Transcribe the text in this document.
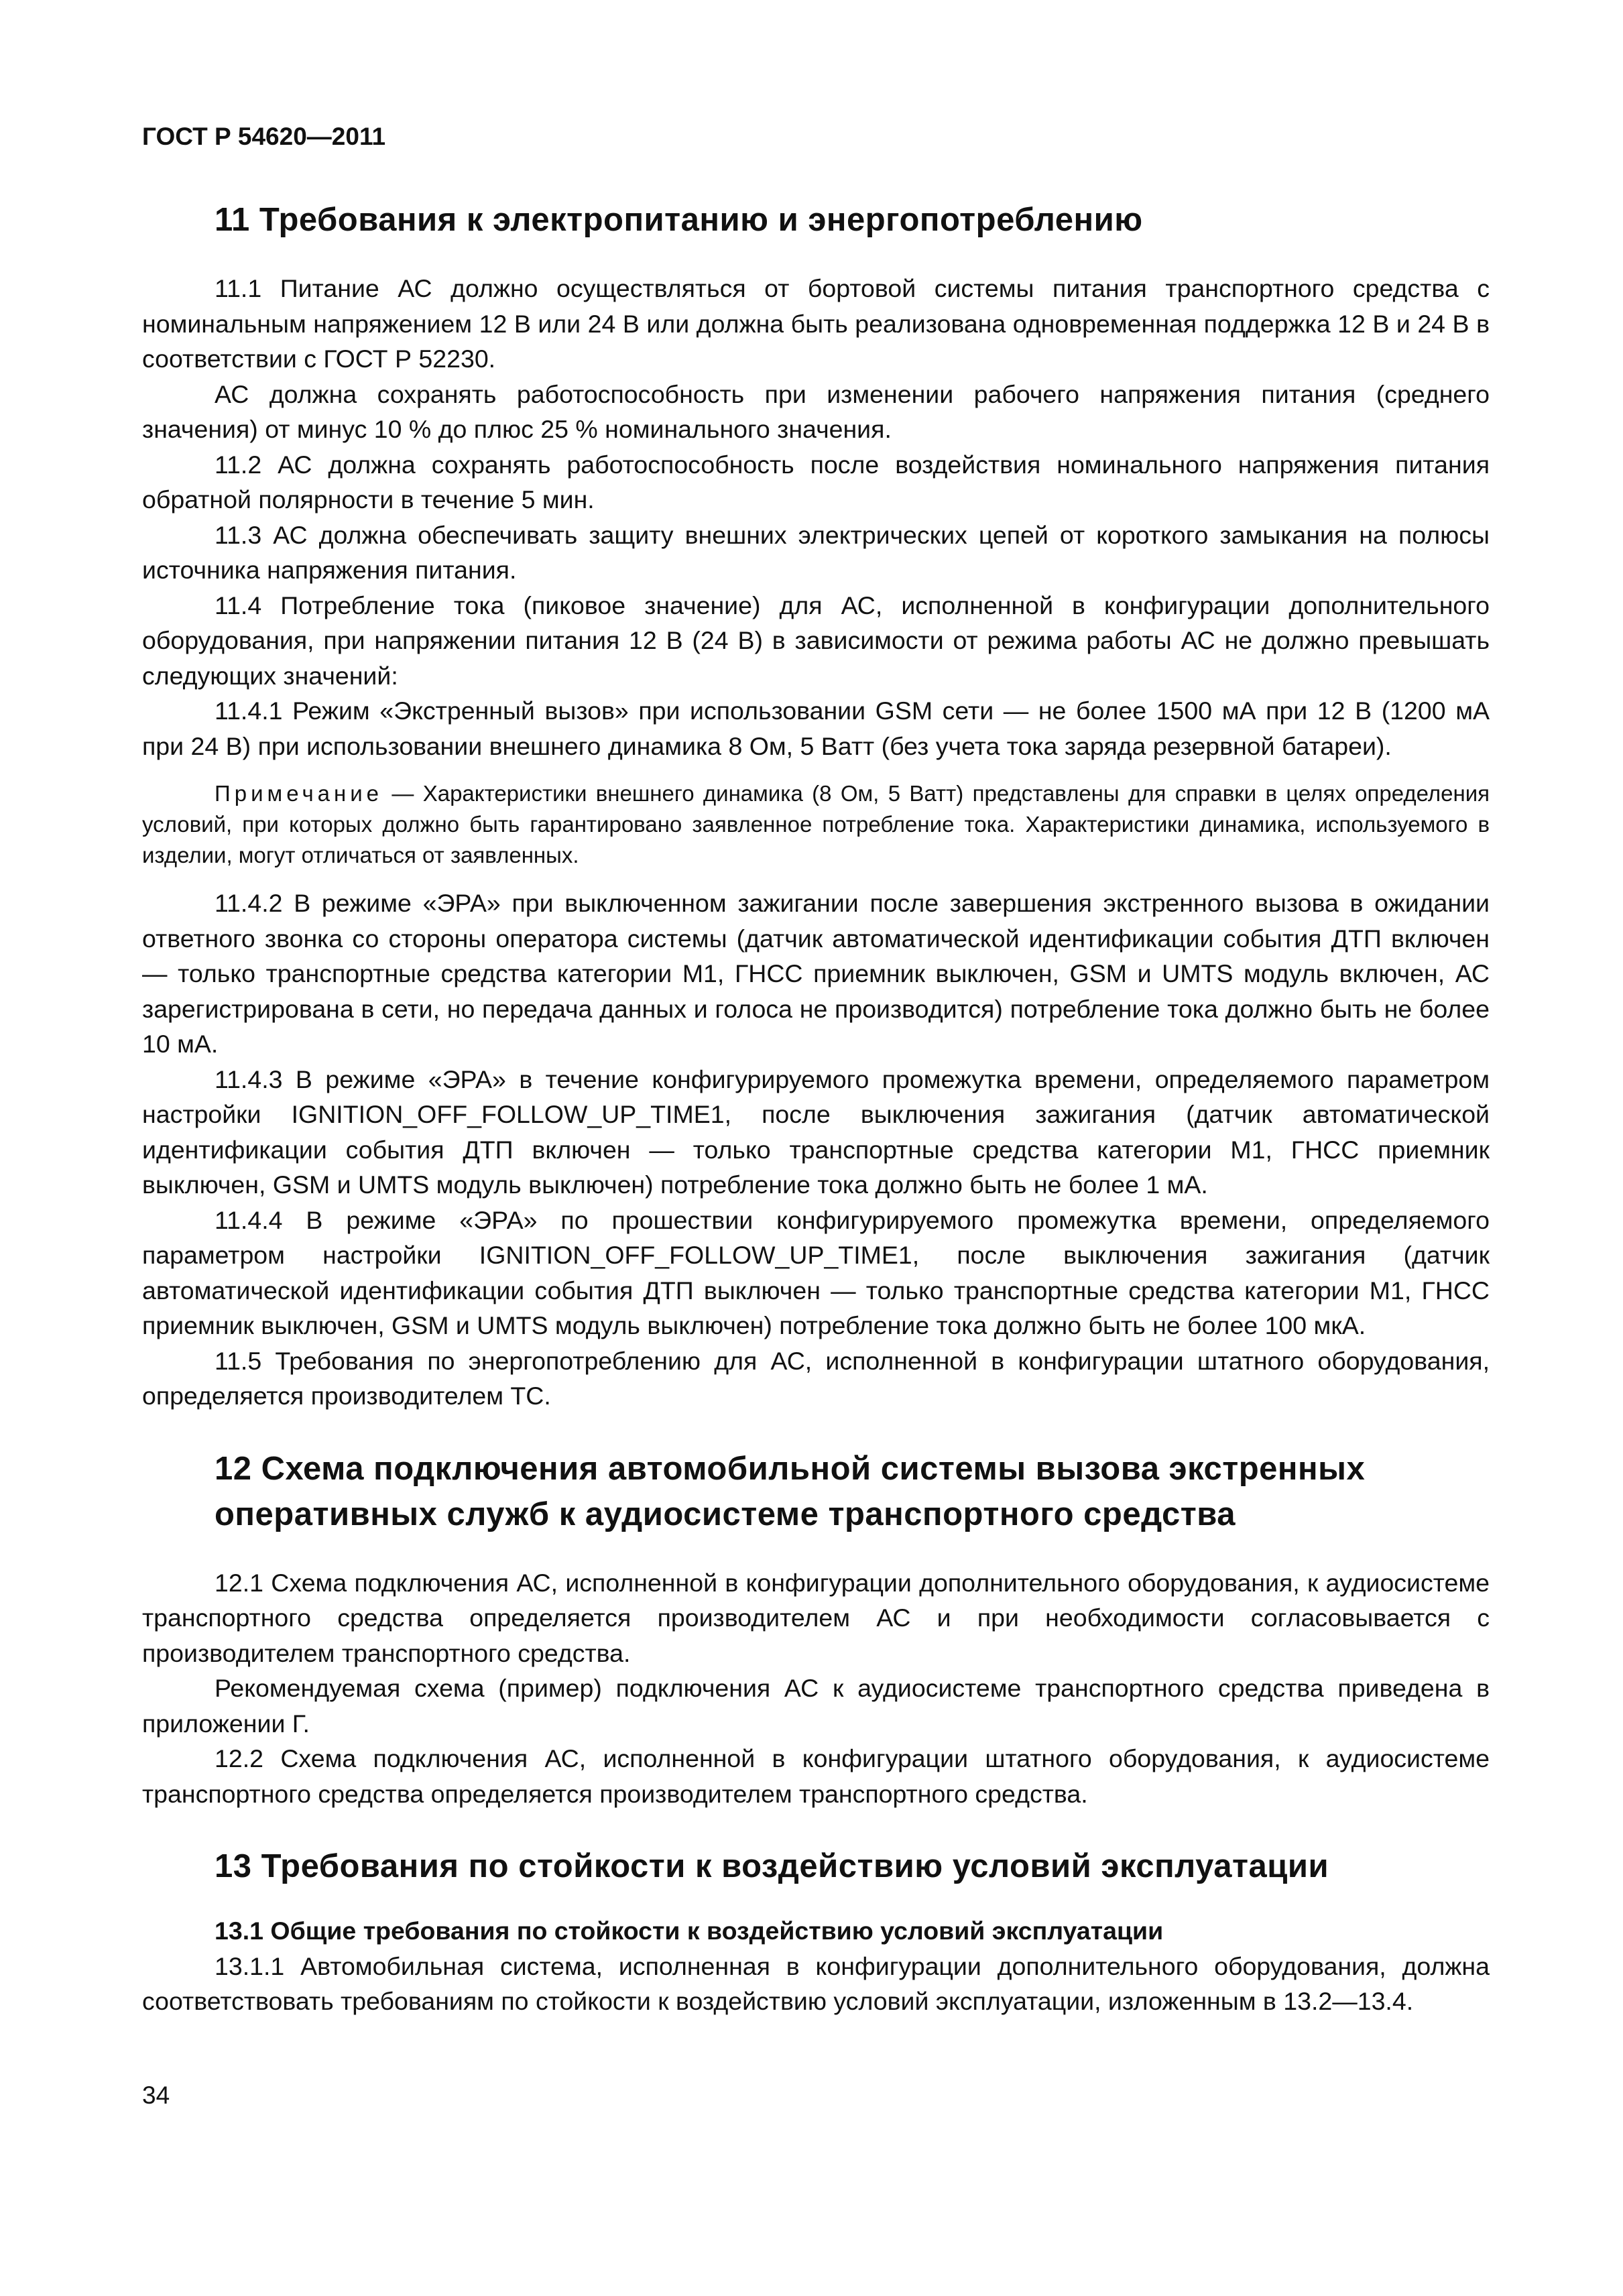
ГОСТ Р 54620—2011
11 Требования к электропитанию и энергопотреблению

11.1 Питание АС должно осуществляться от бортовой системы питания транспортного средства с номинальным напряжением 12 В или 24 В или должна быть реализована одновременная поддержка 12 В и 24 В в соответствии с ГОСТ Р 52230.

АС должна сохранять работоспособность при изменении рабочего напряжения питания (среднего значения) от минус 10 % до плюс 25 % номинального значения.

11.2 АС должна сохранять работоспособность после воздействия номинального напряжения питания обратной полярности в течение 5 мин.

11.3 АС должна обеспечивать защиту внешних электрических цепей от короткого замыкания на полюсы источника напряжения питания.

11.4 Потребление тока (пиковое значение) для АС, исполненной в конфигурации дополнительного оборудования, при напряжении питания 12 В (24 В) в зависимости от режима работы АС не должно превышать следующих значений:

11.4.1 Режим «Экстренный вызов» при использовании GSM сети — не более 1500 мА при 12 В (1200 мА при 24 В) при использовании внешнего динамика 8 Ом, 5 Ватт (без учета тока заряда резервной батареи).

Примечание — Характеристики внешнего динамика (8 Ом, 5 Ватт) представлены для справки в целях определения условий, при которых должно быть гарантировано заявленное потребление тока. Характеристики динамика, используемого в изделии, могут отличаться от заявленных.

11.4.2 В режиме «ЭРА» при выключенном зажигании после завершения экстренного вызова в ожидании ответного звонка со стороны оператора системы (датчик автоматической идентификации события ДТП включен — только транспортные средства категории М1, ГНСС приемник выключен, GSM и UMTS модуль включен, АС зарегистрирована в сети, но передача данных и голоса не производится) потребление тока должно быть не более 10 мА.

11.4.3 В режиме «ЭРА» в течение конфигурируемого промежутка времени, определяемого параметром настройки IGNITION_OFF_FOLLOW_UP_TIME1, после выключения зажигания (датчик автоматической идентификации события ДТП включен — только транспортные средства категории М1, ГНСС приемник выключен, GSM и UMTS модуль выключен) потребление тока должно быть не более 1 мА.

11.4.4 В режиме «ЭРА» по прошествии конфигурируемого промежутка времени, определяемого параметром настройки IGNITION_OFF_FOLLOW_UP_TIME1, после выключения зажигания (датчик автоматической идентификации события ДТП выключен — только транспортные средства категории М1, ГНСС приемник выключен, GSM и UMTS модуль выключен) потребление тока должно быть не более 100 мкА.

11.5 Требования по энергопотреблению для АС, исполненной в конфигурации штатного оборудования, определяется производителем ТС.

12 Схема подключения автомобильной системы вызова экстренных оперативных служб к аудиосистеме транспортного средства

12.1 Схема подключения АС, исполненной в конфигурации дополнительного оборудования, к аудиосистеме транспортного средства определяется производителем АС и при необходимости согласовывается с производителем транспортного средства.

Рекомендуемая схема (пример) подключения АС к аудиосистеме транспортного средства приведена в приложении Г.

12.2 Схема подключения АС, исполненной в конфигурации штатного оборудования, к аудиосистеме транспортного средства определяется производителем транспортного средства.

13 Требования по стойкости к воздействию условий эксплуатации

13.1 Общие требования по стойкости к воздействию условий эксплуатации

13.1.1 Автомобильная система, исполненная в конфигурации дополнительного оборудования, должна соответствовать требованиям по стойкости к воздействию условий эксплуатации, изложенным в 13.2—13.4.

34
